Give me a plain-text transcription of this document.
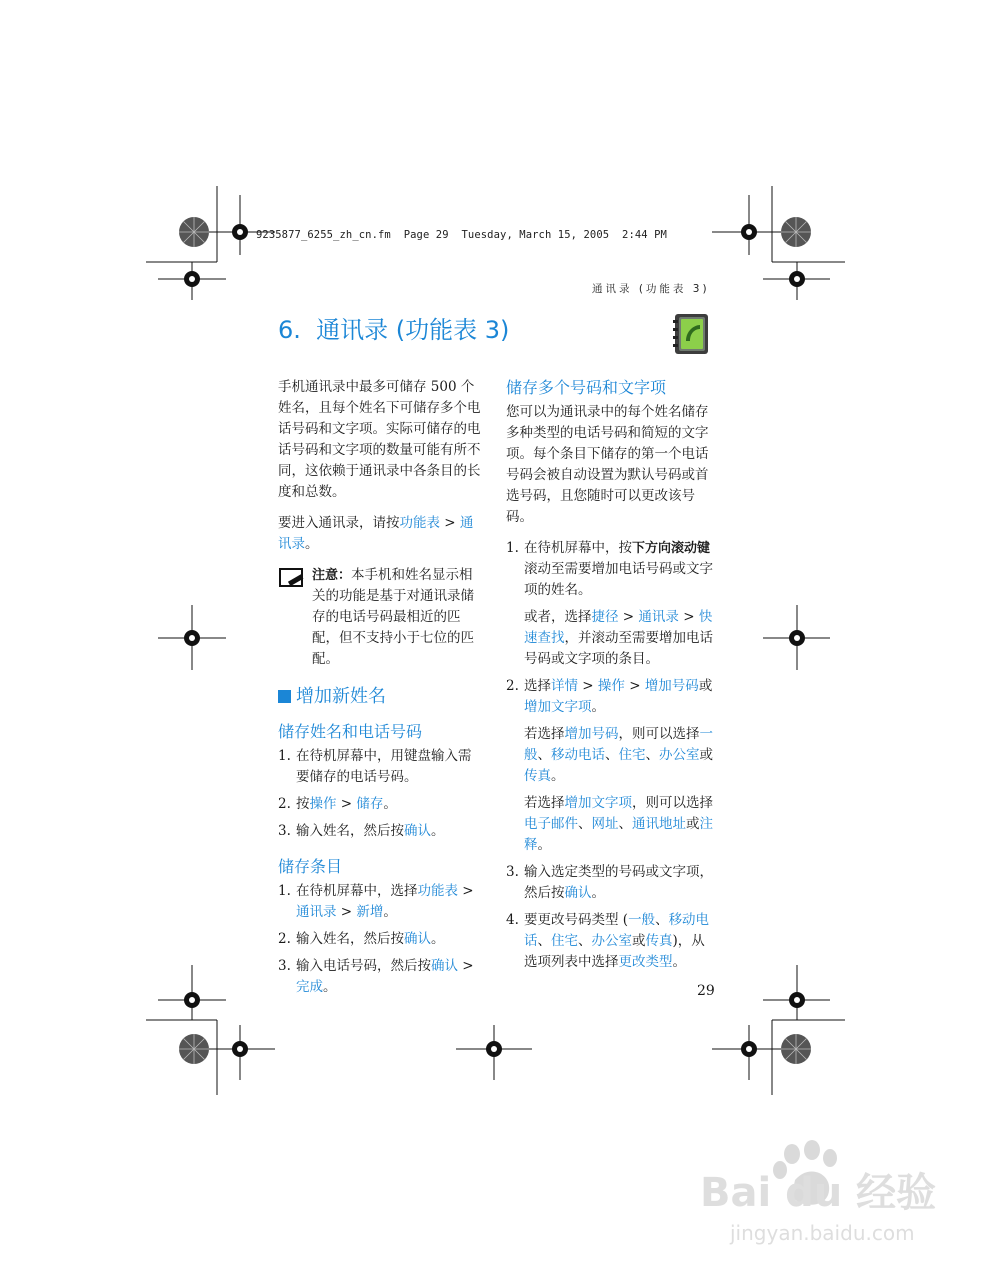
9235877_6255_zh_cn.fm  Page 29  Tuesday, March 15, 2005  2:44 PM
通讯录 (功能表 3)
6.  通讯录 (功能表 3)

手机通讯录中最多可储存 500 个姓名，且每个姓名下可储存多个电话号码和文字项。实际可储存的电话号码和文字项的数量可能有所不同，这依赖于通讯录中各条目的长度和总数。

要进入通讯录，请按功能表 > 通讯录。

注意：本手机和姓名显示相关的功能是基于对通讯录储存的电话号码最相近的匹配，但不支持小于七位的匹配。
增加新姓名
储存姓名和电话号码
1. 在待机屏幕中，用键盘输入需要储存的电话号码。
2. 按操作 > 储存。
3. 输入姓名，然后按确认。
储存条目
1. 在待机屏幕中，选择功能表 > 通讯录 > 新增。
2. 输入姓名，然后按确认。
3. 输入电话号码，然后按确认 > 完成。
储存多个号码和文字项

您可以为通讯录中的每个姓名储存多种类型的电话号码和简短的文字项。每个条目下储存的第一个电话号码会被自动设置为默认号码或首选号码，且您随时可以更改该号码。

1. 在待机屏幕中，按下方向滚动键滚动至需要增加电话号码或文字项的姓名。
或者，选择捷径 > 通讯录 > 快速查找，并滚动至需要增加电话号码或文字项的条目。
2. 选择详情 > 操作 > 增加号码或增加文字项。
若选择增加号码，则可以选择一般、移动电话、住宅、办公室或传真。
若选择增加文字项，则可以选择电子邮件、网址、通讯地址或注释。
3. 输入选定类型的号码或文字项，然后按确认。
4. 要更改号码类型 (一般、移动电话、住宅、办公室或传真)，从选项列表中选择更改类型。
29
Bai du 经验
jingyan.baidu.com
